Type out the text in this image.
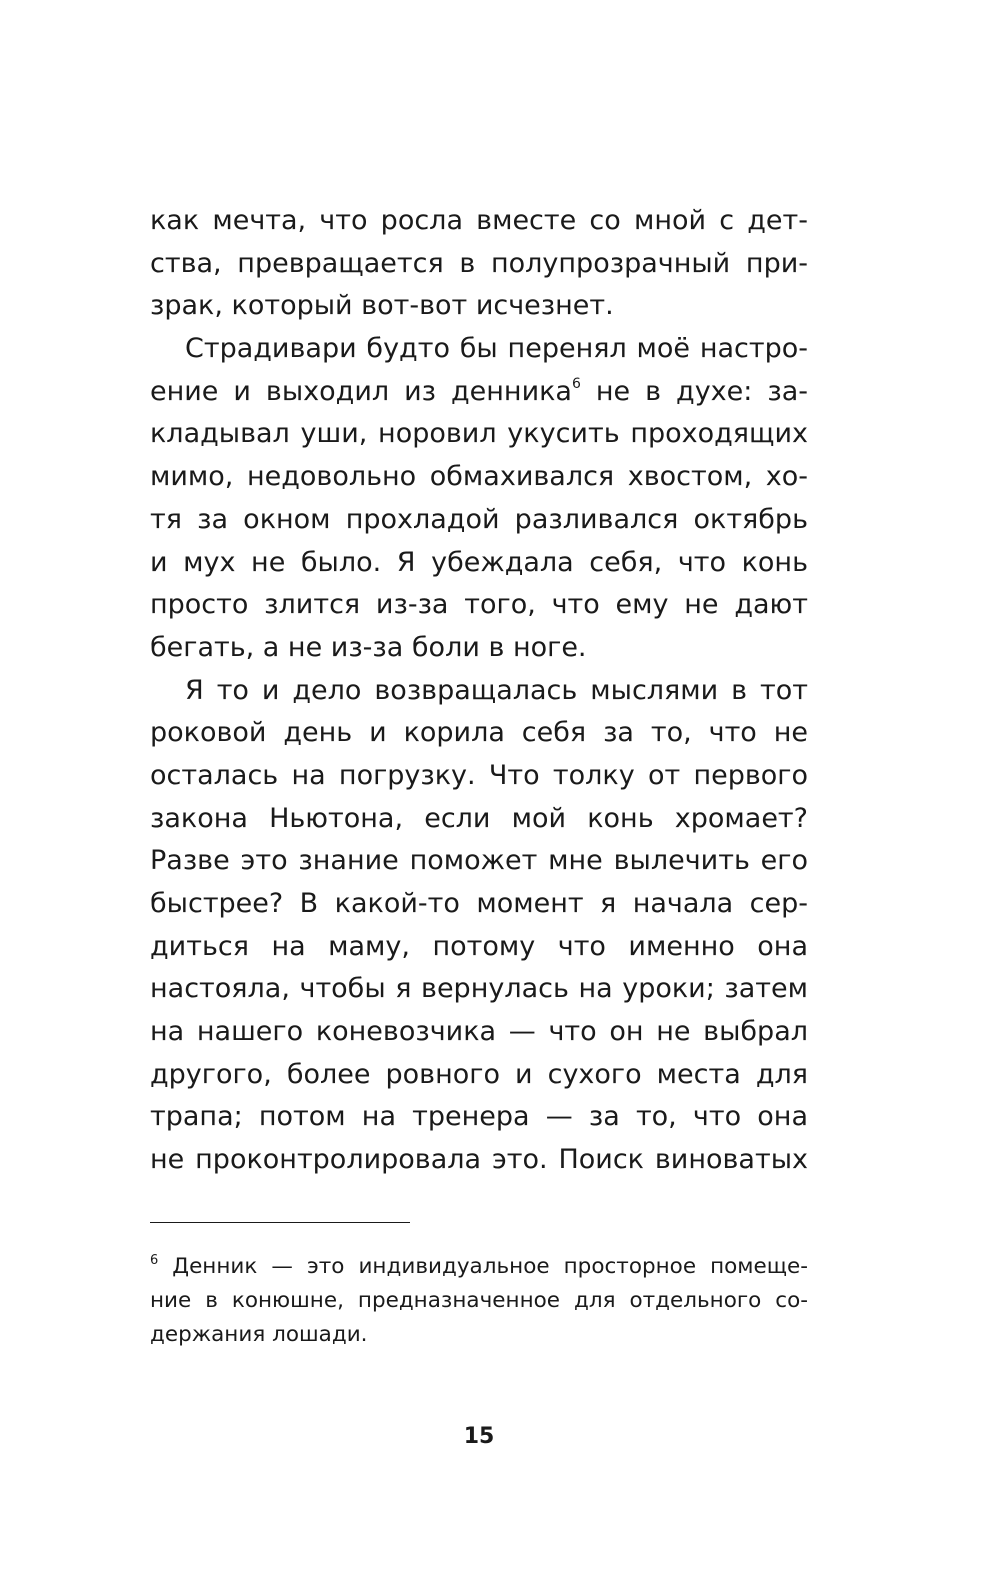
как мечта, что росла вместе со мной с дет-
ства, превращается в полупрозрачный при-
зрак, который вот-вот исчезнет.
Страдивари будто бы перенял моё настро-
ение и выходил из денника$^6$ не в духе: за-
кладывал уши, норовил укусить проходящих
мимо, недовольно обмахивался хвостом, хо-
тя за окном прохладой разливался октябрь
и мух не было. Я убеждала себя, что конь
просто злится из-за того, что ему не дают
бегать, а не из-за боли в ноге.
Я то и дело возвращалась мыслями в тот
роковой день и корила себя за то, что не
осталась на погрузку. Что толку от первого
закона Ньютона, если мой конь хромает?
Разве это знание поможет мне вылечить его
быстрее? В какой-то момент я начала сер-
диться на маму, потому что именно она
настояла, чтобы я вернулась на уроки; затем
на нашего коневозчика — что он не выбрал
другого, более ровного и сухого места для
трапа; потом на тренера — за то, что она
не проконтролировала это. Поиск виноватых
$^6$ Денник — это индивидуальное просторное помеще-
ние в конюшне, предназначенное для отдельного со-
держания лошади.
15
